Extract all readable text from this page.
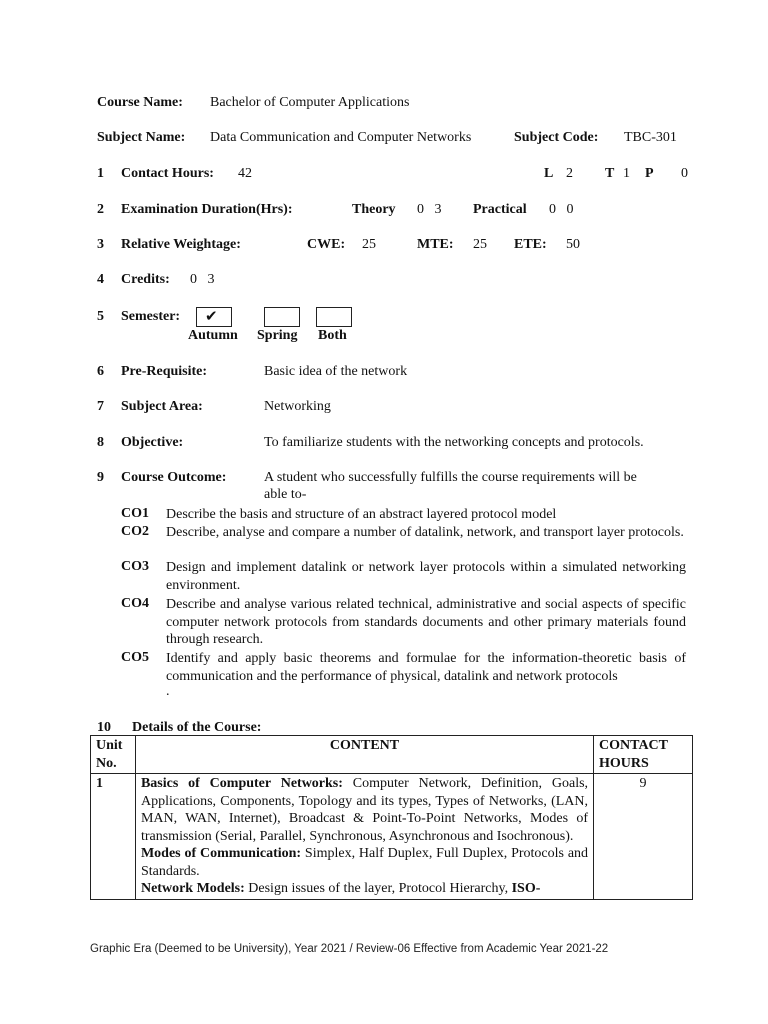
Course Name: Bachelor of Computer Applications
Subject Name: Data Communication and Computer Networks	Subject Code: TBC-301
1 Contact Hours: 42	L 2 T 1 P 0
2 Examination Duration(Hrs):	Theory 0   3 Practical 0   0
3 Relative Weightage:	CWE: 25	MTE: 25 ETE: 50
4 Credits: 0   3
5 Semester: ✔
Autumn Spring Both
6 Pre-Requisite:	Basic idea of the network
7 Subject Area:	Networking
8 Objective:	To familiarize students with the networking concepts and protocols.
9 Course Outcome:	A student who successfully fulfills the course requirements will be
able to-
CO1 Describe the basis and structure of an abstract layered protocol model
CO2 Describe, analyse and compare a number of datalink, network, and transport layer protocols.
CO3 Design and implement datalink or network layer protocols within a simulated networking environment.
CO4 Describe and analyse various related technical, administrative and social aspects of specific computer network protocols from standards documents and other primary materials found through research.
CO5 Identify and apply basic theorems and formulae for the information-theoretic basis of communication and the performance of physical, datalink and network protocols
.
10 Details of the Course:
Unit No.	CONTENT	CONTACT HOURS
1	Basics of Computer Networks: Computer Network, Definition, Goals, Applications, Components, Topology and its types, Types of Networks, (LAN, MAN, WAN, Internet), Broadcast & Point-To-Point Networks, Modes of transmission (Serial, Parallel, Synchronous, Asynchronous and Isochronous).
Modes of Communication: Simplex, Half Duplex, Full Duplex, Protocols and Standards.
Network Models: Design issues of the layer, Protocol Hierarchy, ISO-	9
Graphic Era (Deemed to be University), Year 2021 / Review-06 Effective from Academic Year 2021-22
